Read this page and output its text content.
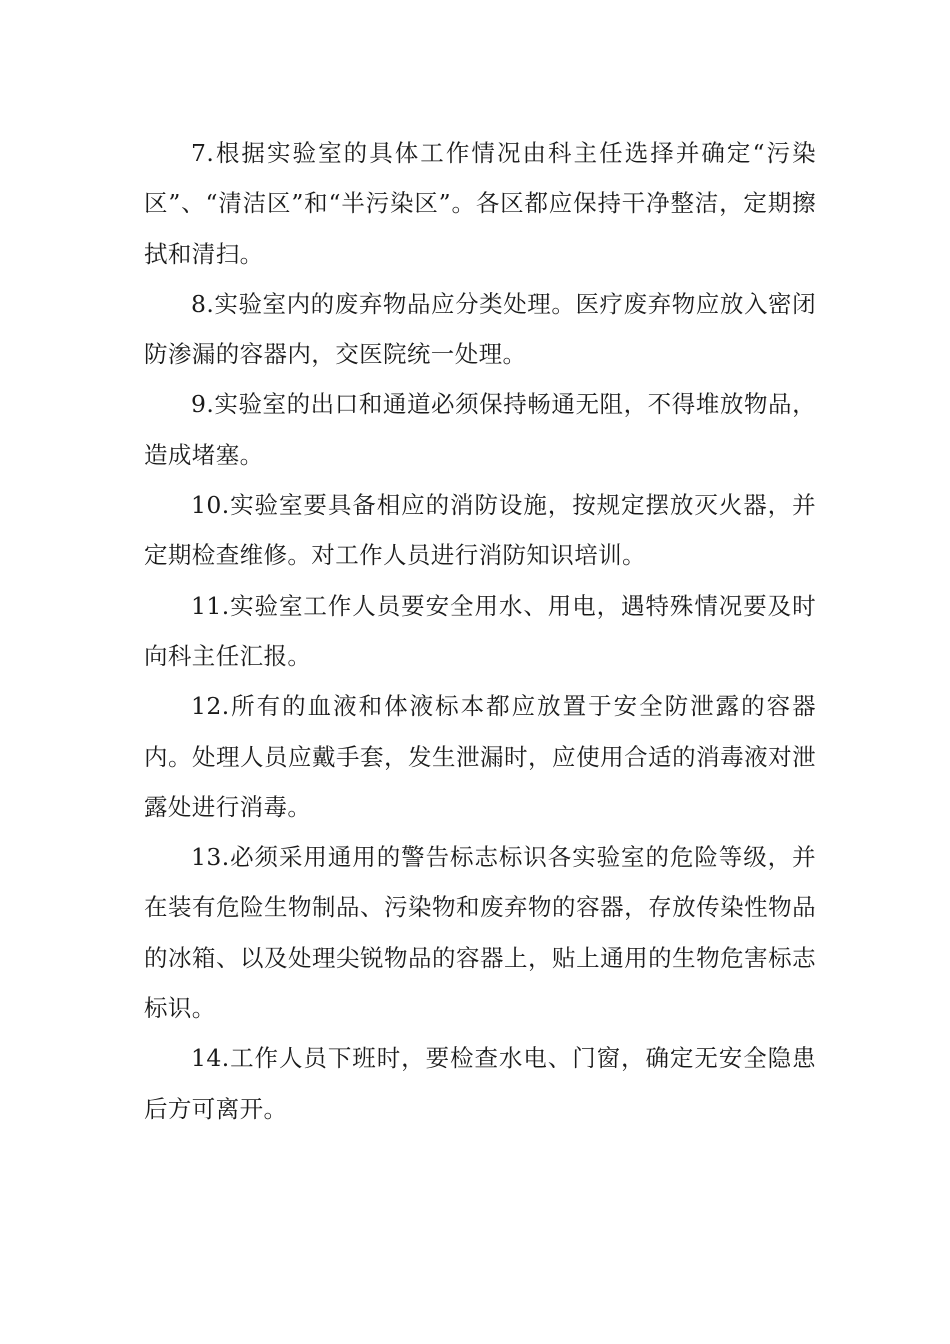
7.根据实验室的具体工作情况由科主任选择并确定“污染区”、“清洁区”和“半污染区”。各区都应保持干净整洁，定期擦拭和清扫。

8.实验室内的废弃物品应分类处理。医疗废弃物应放入密闭防渗漏的容器内，交医院统一处理。

9.实验室的出口和通道必须保持畅通无阻，不得堆放物品，造成堵塞。

10.实验室要具备相应的消防设施，按规定摆放灭火器，并定期检查维修。对工作人员进行消防知识培训。

11.实验室工作人员要安全用水、用电，遇特殊情况要及时向科主任汇报。

12.所有的血液和体液标本都应放置于安全防泄露的容器内。处理人员应戴手套，发生泄漏时，应使用合适的消毒液对泄露处进行消毒。

13.必须采用通用的警告标志标识各实验室的危险等级，并在装有危险生物制品、污染物和废弃物的容器，存放传染性物品的冰箱、以及处理尖锐物品的容器上，贴上通用的生物危害标志标识。

14.工作人员下班时，要检查水电、门窗，确定无安全隐患后方可离开。
